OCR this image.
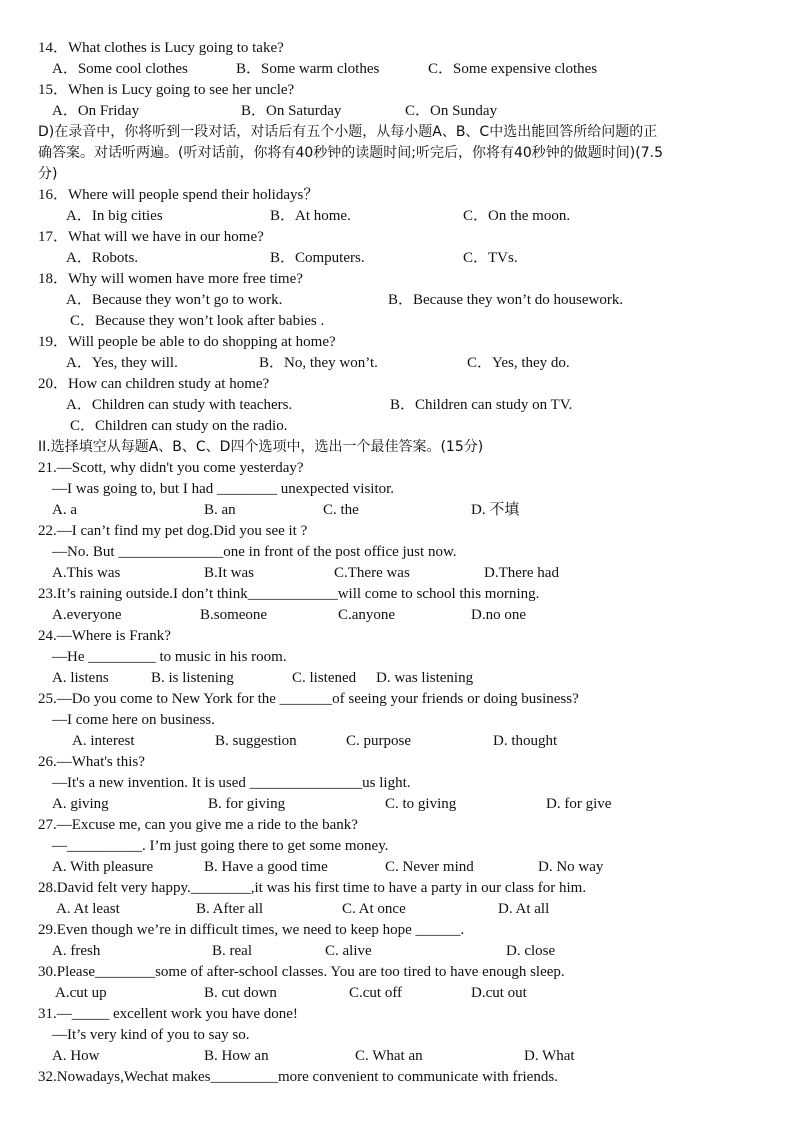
14．What clothes is Lucy going to take?
A．Some cool clothes	B．Some warm clothes	C．Some expensive clothes
15．When is Lucy going to see her uncle?
A．On Friday	B．On Saturday	C．On Sunday
D)在录音中，你将听到一段对话，对话后有五个小题，从每小题A、B、C中选出能回答所给问题的正
确答案。对话听两遍。(听对话前，你将有40秒钟的读题时间;听完后，你将有40秒钟的做题时间)(7.5
分)
16．Where will people spend their holidays？
A．In big cities	B．At home.	C．On the moon.
17．What will we have in our home?
A．Robots.	B．Computers.	C．TVs.
18．Why will women have more free time?
A．Because they won’t go to work.	B．Because they won’t do housework.
C．Because they won’t look after babies .
19．Will people be able to do shopping at home?
A．Yes, they will.	B．No, they won’t.	C．Yes, they do.
20．How can children study at home?
A．Children can study with teachers.	B．Children can study on TV.
C．Children can study on the radio.
II.选择填空从每题A、B、C、D四个选项中，选出一个最佳答案。(15分)
21.—Scott, why didn't you come yesterday?
—I was going to, but I had ________ unexpected visitor.
A. a	B. an	C. the	D. 不填
22.—I can’t find my pet dog.Did you see it ?
—No. But ______________one in front of the post office just now.
A.This was	B.It was	C.There was	D.There had
23.It’s raining outside.I don’t think____________will come to school this morning.
A.everyone	B.someone	C.anyone	D.no one
24.—Where is Frank?
—He _________ to music in his room.
A. listens	B. is listening	C. listened D. was listening
25.—Do you come to New York for the _______of seeing your friends or doing business?
—I come here on business.
A. interest	B. suggestion	C. purpose	D. thought
26.—What's this?
—It's a new invention. It is used _______________us light.
A. giving	B. for giving	C. to giving	D. for give
27.—Excuse me, can you give me a ride to the bank?
—__________. I’m just going there to get some money.
A. With pleasure	B. Have a good time	C. Never mind	D. No way
28.David felt very happy.________,it was his first time to have a party in our class for him.
A. At least	B. After all	C. At once	D. At all
29.Even though we’re in difficult times, we need to keep hope ______.
A. fresh	B. real	C. alive	D. close
30.Please________some of after-school classes. You are too tired to have enough sleep.
A.cut up	B. cut down	C.cut off	D.cut out
31.—_____ excellent work you have done!
—It’s very kind of you to say so.
A. How	B. How an	C. What an	D. What
32.Nowadays,Wechat makes_________more convenient to communicate with friends.
